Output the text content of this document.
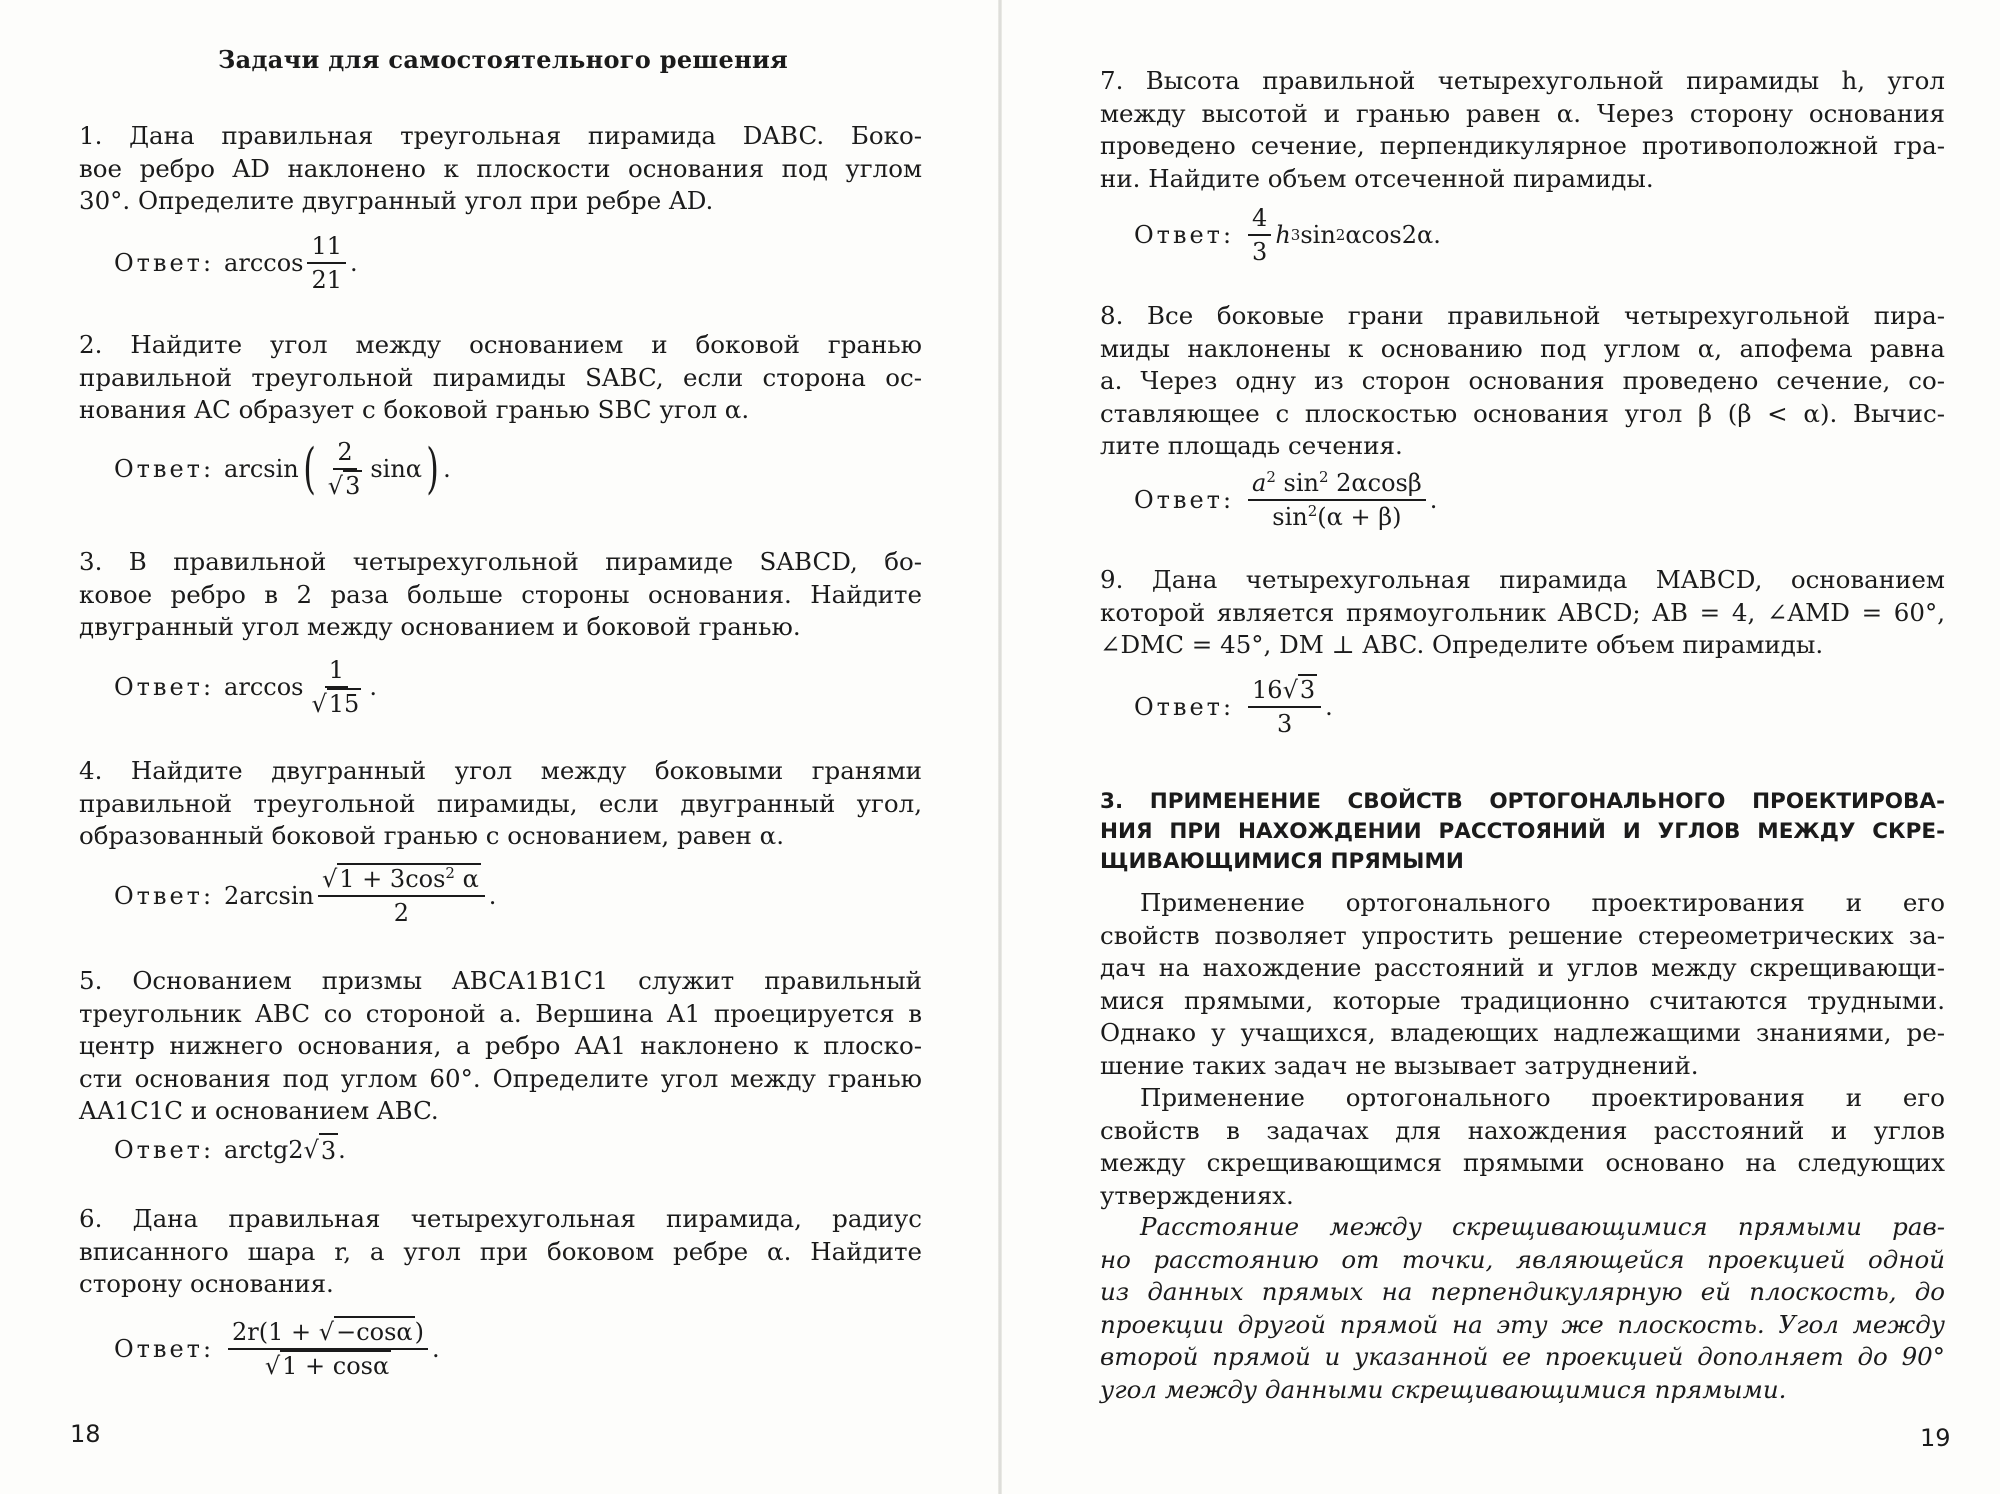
Задачи для самостоятельного решения
1. Дана правильная треугольная пирамида DABC. Боко-
вое ребро AD наклонено к плоскости основания под углом
30°. Определите двугранный угол при ребре AD.
Ответ: $\arccos \frac{11}{21}$ .
2. Найдите угол между основанием и боковой гранью
правильной треугольной пирамиды SABC, если сторона ос-
нования AC образует с боковой гранью SBC угол α.
Ответ: arcsin ( $\frac{2}{√3}$ sinα ) .
3. В правильной четырехугольной пирамиде SABCD, бо-
ковое ребро в 2 раза больше стороны основания. Найдите
двугранный угол между основанием и боковой гранью.
Ответ: $\arccos \frac{1}{√15}$ .
4. Найдите двугранный угол между боковыми гранями
правильной треугольной пирамиды, если двугранный угол,
образованный боковой гранью с основанием, равен α.
Ответ: $2\arcsin \frac{√1 + 3\cos^2 \alpha}{2}$ .
5. Основанием призмы ABCA1B1C1 служит правильный
треугольник ABC со стороной a. Вершина A1 проецируется в
центр нижнего основания, а ребро AA1 наклонено к плоско-
сти основания под углом 60°. Определите угол между гранью
AA1C1C и основанием ABC.
Ответ: arctg 2 √ 3 .
6. Дана правильная четырехугольная пирамида, радиус
вписанного шара r, а угол при боковом ребре α. Найдите
сторону основания.
Ответ: $\frac{2r(1 + √-\cos\alpha)}{√1 + \cos\alpha}$ .
18
7. Высота правильной четырехугольной пирамиды h, угол
между высотой и гранью равен α. Через сторону основания
проведено сечение, перпендикулярное противоположной гра-
ни. Найдите объем отсеченной пирамиды.
Ответ: $\frac{4}{3}$ h 3 sin 2 αcos2α .
8. Все боковые грани правильной четырехугольной пира-
миды наклонены к основанию под углом α, апофема равна
a. Через одну из сторон основания проведено сечение, со-
ставляющее с плоскостью основания угол β (β < α). Вычис-
лите площадь сечения.
Ответ: $\frac{a^2 \sin^2 2\alpha\cos\beta}{\sin^2(\alpha + \beta)}$ .
9. Дана четырехугольная пирамида MABCD, основанием
которой является прямоугольник ABCD; AB = 4, ∠AMD = 60°,
∠DMC = 45°, DM ⊥ ABC. Определите объем пирамиды.
Ответ: $\frac{16√3}{3}$ .
3. ПРИМЕНЕНИЕ СВОЙСТВ ОРТОГОНАЛЬНОГО ПРОЕКТИРОВА-
НИЯ ПРИ НАХОЖДЕНИИ РАССТОЯНИЙ И УГЛОВ МЕЖДУ СКРЕ-
ЩИВАЮЩИМИСЯ ПРЯМЫМИ
Применение ортогонального проектирования и его
свойств позволяет упростить решение стереометрических за-
дач на нахождение расстояний и углов между скрещивающи-
мися прямыми, которые традиционно считаются трудными.
Однако у учащихся, владеющих надлежащими знаниями, ре-
шение таких задач не вызывает затруднений.
Применение ортогонального проектирования и его
свойств в задачах для нахождения расстояний и углов
между скрещивающимся прямыми основано на следующих
утверждениях.
Расстояние между скрещивающимися прямыми рав-
но расстоянию от точки, являющейся проекцией одной
из данных прямых на перпендикулярную ей плоскость, до
проекции другой прямой на эту же плоскость. Угол между
второй прямой и указанной ее проекцией дополняет до 90°
угол между данными скрещивающимися прямыми.
19
